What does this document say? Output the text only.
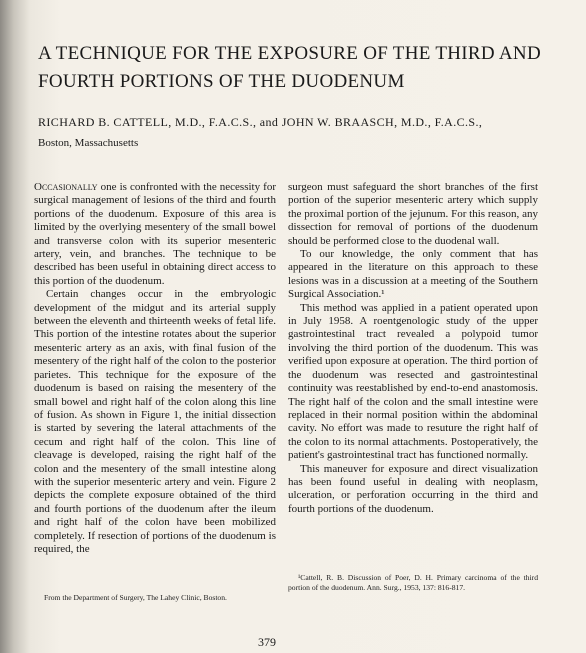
A TECHNIQUE FOR THE EXPOSURE OF THE THIRD AND FOURTH PORTIONS OF THE DUODENUM

RICHARD B. CATTELL, M.D., F.A.C.S., and JOHN W. BRAASCH, M.D., F.A.C.S.,

Boston, Massachusetts

Occasionally one is confronted with the necessity for surgical management of lesions of the third and fourth portions of the duodenum. Exposure of this area is limited by the overlying mesentery of the small bowel and transverse colon with its superior mesenteric artery, vein, and branches. The technique to be described has been useful in obtaining direct access to this portion of the duodenum.

Certain changes occur in the embryologic development of the midgut and its arterial supply between the eleventh and thirteenth weeks of fetal life. This portion of the intestine rotates about the superior mesenteric artery as an axis, with final fusion of the mesentery of the right half of the colon to the posterior parietes. This technique for the exposure of the duodenum is based on raising the mesentery of the small bowel and right half of the colon along this line of fusion. As shown in Figure 1, the initial dissection is started by severing the lateral attachments of the cecum and right half of the colon. This line of cleavage is developed, raising the right half of the colon and the mesentery of the small intestine along with the superior mesenteric artery and vein. Figure 2 depicts the complete exposure obtained of the third and fourth portions of the duodenum after the ileum and right half of the colon have been mobilized completely. If resection of portions of the duodenum is required, the

surgeon must safeguard the short branches of the first portion of the superior mesenteric artery which supply the proximal portion of the jejunum. For this reason, any dissection for removal of portions of the duodenum should be performed close to the duodenal wall.

To our knowledge, the only comment that has appeared in the literature on this approach to these lesions was in a discussion at a meeting of the Southern Surgical Association.¹

This method was applied in a patient operated upon in July 1958. A roentgenologic study of the upper gastrointestinal tract revealed a polypoid tumor involving the third portion of the duodenum. This was verified upon exposure at operation. The third portion of the duodenum was resected and gastrointestinal continuity was reestablished by end-to-end anastomosis. The right half of the colon and the small intestine were replaced in their normal position within the abdominal cavity. No effort was made to resuture the right half of the colon to its normal attachments. Postoperatively, the patient's gastrointestinal tract has functioned normally.

This maneuver for exposure and direct visualization has been found useful in dealing with neoplasm, ulceration, or perforation occurring in the third and fourth portions of the duodenum.

From the Department of Surgery, The Lahey Clinic, Boston.

¹Cattell, R. B. Discussion of Poer, D. H. Primary carcinoma of the third portion of the duodenum. Ann. Surg., 1953, 137: 816-817.

379
